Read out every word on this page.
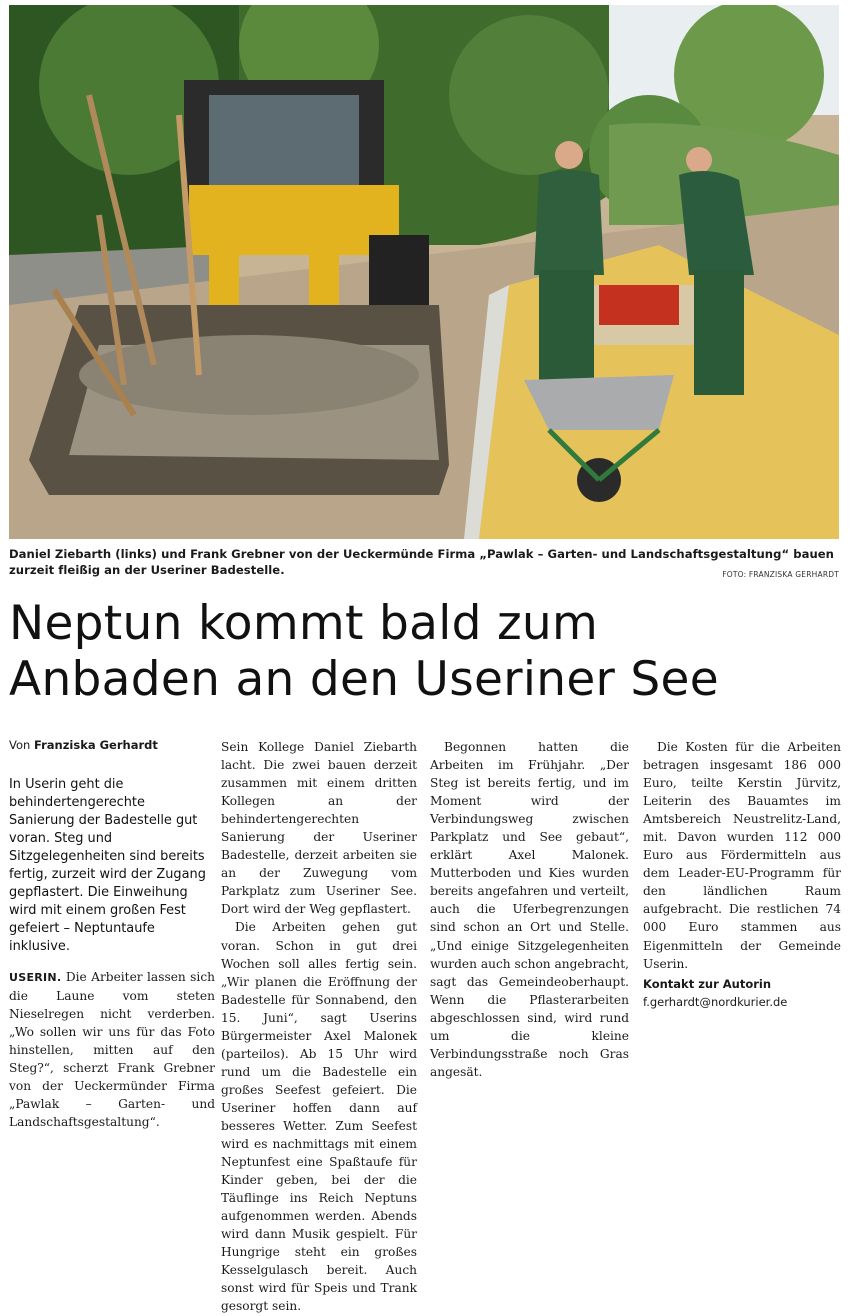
Daniel Ziebarth (links) und Frank Grebner von der Ueckermünde Firma „Pawlak – Garten- und Landschaftsgestaltung“ bauen zurzeit fleißig an der Useriner Badestelle.	FOTO: FRANZISKA GERHARDT
Neptun kommt bald zum
Anbaden an den Useriner See
Von Franziska Gerhardt
In Userin geht die behindertengerechte Sanierung der Badestelle gut voran. Steg und Sitzgelegenheiten sind bereits fertig, zurzeit wird der Zugang gepflastert. Die Einweihung wird mit einem großen Fest gefeiert – Neptuntaufe inklusive.

USERIN. Die Arbeiter lassen sich die Laune vom steten Nieselregen nicht verderben. „Wo sollen wir uns für das Foto hinstellen, mitten auf den Steg?“, scherzt Frank Grebner von der Ueckermünder Firma „Pawlak – Garten- und Landschaftsgestaltung“.

Sein Kollege Daniel Ziebarth lacht. Die zwei bauen derzeit zusammen mit einem dritten Kollegen an der behindertengerechten Sanierung der Useriner Badestelle, derzeit arbeiten sie an der Zuwegung vom Parkplatz zum Useriner See. Dort wird der Weg gepflastert.

Die Arbeiten gehen gut voran. Schon in gut drei Wochen soll alles fertig sein. „Wir planen die Eröffnung der Badestelle für Sonnabend, den 15. Juni“, sagt Userins Bürgermeister Axel Malonek (parteilos). Ab 15 Uhr wird rund um die Badestelle ein großes Seefest gefeiert. Die Useriner hoffen dann auf besseres Wetter. Zum Seefest wird es nachmittags mit einem Neptunfest eine Spaßtaufe für Kinder geben, bei der die Täuflinge ins Reich Neptuns aufgenommen werden. Abends wird dann Musik gespielt. Für Hungrige steht ein großes Kesselgulasch bereit. Auch sonst wird für Speis und Trank gesorgt sein.

Begonnen hatten die Arbeiten im Frühjahr. „Der Steg ist bereits fertig, und im Moment wird der Verbindungsweg zwischen Parkplatz und See gebaut“, erklärt Axel Malonek. Mutterboden und Kies wurden bereits angefahren und verteilt, auch die Uferbegrenzungen sind schon an Ort und Stelle. „Und einige Sitzgelegenheiten wurden auch schon angebracht, sagt das Gemeindeoberhaupt. Wenn die Pflasterarbeiten abgeschlossen sind, wird rund um die kleine Verbindungsstraße noch Gras angesät.

Die Kosten für die Arbeiten betragen insgesamt 186 000 Euro, teilte Kerstin Jürvitz, Leiterin des Bauamtes im Amtsbereich Neustrelitz-Land, mit. Davon wurden 112 000 Euro aus Fördermitteln aus dem Leader-EU-Programm für den ländlichen Raum aufgebracht. Die restlichen 74 000 Euro stammen aus Eigenmitteln der Gemeinde Userin.

Kontakt zur Autorin
f.gerhardt@nordkurier.de
